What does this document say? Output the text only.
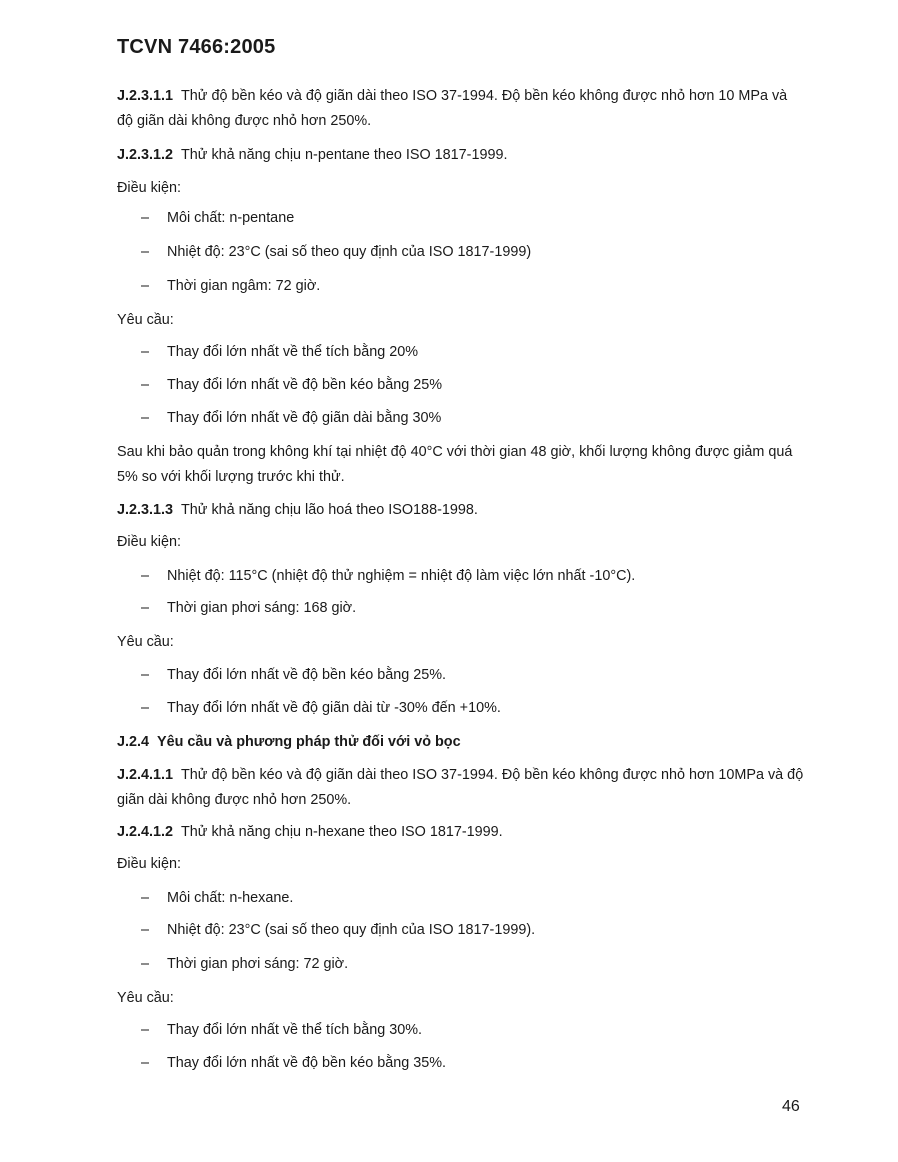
TCVN 7466:2005
J.2.3.1.1 Thử độ bền kéo và độ giãn dài theo ISO 37-1994. Độ bền kéo không được nhỏ hơn 10 MPa và độ giãn dài không được nhỏ hơn 250%.
J.2.3.1.2 Thử khả năng chịu n-pentane theo ISO 1817-1999.
Điều kiện:
– Môi chất: n-pentane
– Nhiệt độ: 23°C (sai số theo quy định của ISO 1817-1999)
– Thời gian ngâm: 72 giờ.
Yêu cầu:
– Thay đổi lớn nhất về thể tích bằng 20%
– Thay đổi lớn nhất về độ bền kéo bằng 25%
– Thay đổi lớn nhất về độ giãn dài bằng 30%
Sau khi bảo quản trong không khí tại nhiệt độ 40°C với thời gian 48 giờ, khối lượng không được giảm quá 5% so với khối lượng trước khi thử.
J.2.3.1.3 Thử khả năng chịu lão hoá theo ISO188-1998.
Điều kiện:
– Nhiệt độ: 115°C (nhiệt độ thử nghiệm = nhiệt độ làm việc lớn nhất -10°C).
– Thời gian phơi sáng: 168 giờ.
Yêu cầu:
– Thay đổi lớn nhất về độ bền kéo bằng 25%.
– Thay đổi lớn nhất về độ giãn dài từ -30% đến +10%.
J.2.4 Yêu cầu và phương pháp thử đối với vỏ bọc
J.2.4.1.1 Thử độ bền kéo và độ giãn dài theo ISO 37-1994. Độ bền kéo không được nhỏ hơn 10MPa và độ giãn dài không được nhỏ hơn 250%.
J.2.4.1.2 Thử khả năng chịu n-hexane theo ISO 1817-1999.
Điều kiện:
– Môi chất: n-hexane.
– Nhiệt độ: 23°C (sai số theo quy định của ISO 1817-1999).
– Thời gian phơi sáng: 72 giờ.
Yêu cầu:
– Thay đổi lớn nhất về thể tích bằng 30%.
– Thay đổi lớn nhất về độ bền kéo bằng 35%.
46
